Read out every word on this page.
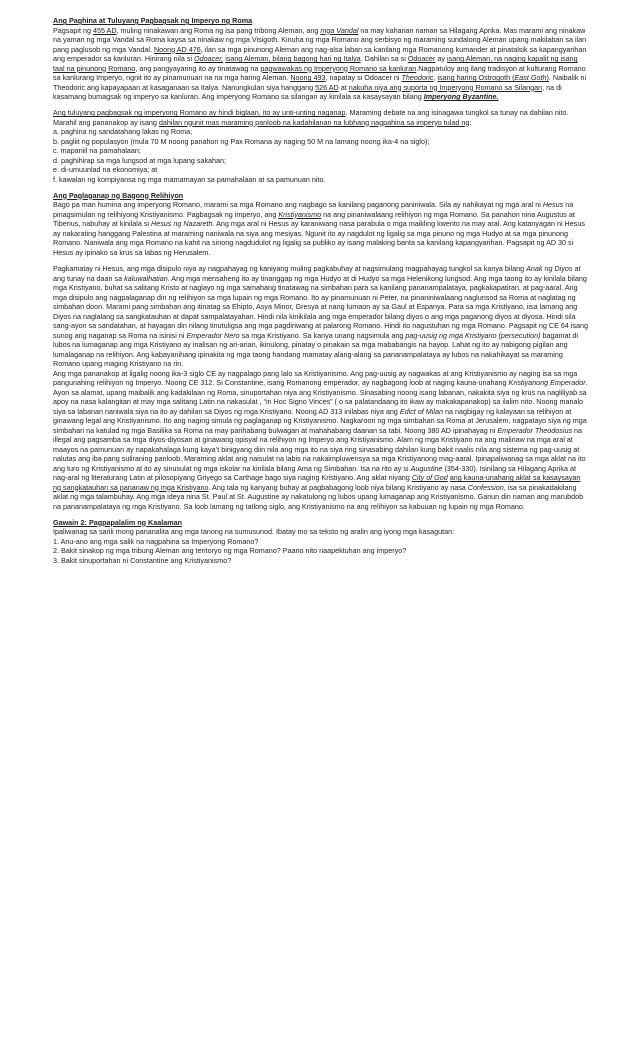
Ang Paghina at Tuluyang Pagbagsak ng Imperyo ng Roma

Pagsapit ng 455 AD, muling ninakawan ang Roma ng isa pang tribong Aleman, ang mga Vandal na may kaharian naman sa Hilagang Aprika. Mas marami ang ninakaw na yaman ng mga Vandal sa Roma kaysa sa ninakaw ng mga Visigoth. Kinuha ng mga Romano ang serbisyo ng maraming sundalong Aleman upang makilaban sa ilan pang paglusob ng mga Vandal. Noong AD 476, ilan sa mga pinunong Aleman ang nag-alsa laban sa kanilang mga Romanong kumander at pinatalsik sa kapangyarihan ang emperador sa kanluran. Hinirang nila si Odoacer, isang Aleman, bilang bagong hari ng Italya. Dahilan sa si Odoacer ay isang Aleman, na naging kapalit ng isang taal na pinunong Romano, ang pangyayaring ito ay tinatawag na pagwawakas ng Imperyong Romano sa kanluran.Nagpatuloy ang ilang tradisyon at kulturang Romano sa kanlurang Imperyo, ngnit ito ay pinamunuan na na mga haring Aleman. Noong 493, napatay si Odoacer ni Theodoric, isang haring Ostrogoth (East Goth). Naibalik ni Theodoric ang kapayapaan at kasaganaan sa Italya. Nanungkulan siya hanggang 526 AD at nakuha niya ang suporta ng Imperyong Romano sa Silangan, na di kasamang bumagsak ng imperyo sa kanluran. Ang imperyong Romano sa silangan ay kinilala sa kasaysayan bilang Imperyong Byzantine.

Ang tuluyang pagbagsak ng imperyong Romano ay hindi biglaan, ito ay unti-unting naganap. Maraming debate na ang isinagawa tungkol sa tunay na dahilan nito. Marahil ang pananakop ay isang dahilan ngunit mas maraming panloob na kadahilanan na lubhang nagpahina sa imperyo tulad ng:

a. paghina ng sandatahang lakas ng Roma;
b. pagliit ng populasyon (mula 70 M noong panahon ng Pax Romana ay naging 50 M na lamang noong ika-4 na siglo);
c. mapaniil na pamahalaan;
d. paghihirap sa mga lungsod at mga lupang sakahan;
e. di-umuunlad na ekonomiya; at
f. kawalan ng kompiyansa ng mga mamamayan sa pamahalaan at sa pamunuan nito.
Ang Paglaganap ng Bagong Relihiyon

Bago pa man humina ang imperyong Romano, marami sa mga Romano ang nagbago sa kanilang paganong paniniwala. Sila ay nahikayat ng mga aral ni Hesus na pinagsimulan ng relihiyong Kristiyanismo. Pagbagsak ng imperyo, ang Kristiyanismo na ang pinaniwalaang relihiyon ng mga Romano. Sa panahon nina Augustus at Tiberius, nabuhay at kinilala si Hesus ng Nazareth. Ang mga aral ni Hesus ay karaniwang nasa parabula o mga maikling kwento na may aral. Ang katanyagan ni Hesus ay nakarating hanggang Palestina at maraming naniwala na siya ang mesiyas. Ngunit ito ay nagdulot ng ligalig sa mga pinuno ng mga Hudyo at sa mga pinunong Romano. Naniwala ang mga Romano na kahit na sinong nagdudulot ng ligalig sa publiko ay isang malaking banta sa kanilang kapangyarihan. Pagsapit ng AD 30 si Hesus ay ipinako sa krus sa labas ng Herusalem.

Pagkamatay ni Hesus, ang mga disipulo niya ay nagpahayag ng kaniyang muling pagkabuhay at nagsimulang magpahayag tungkol sa kanya bilang Anak ng Diyos at ang tunay na daan sa kaluwalhatian. Ang mga mensaheng ito ay tinanggap ng mga Hudyo at di Hudyo sa mga Helenikong lungsod. Ang mga taong ito ay kinilala bilang mga Kristiyano, buhat sa salitang Kristo at naglayo ng mga samahang tinatawag na simbahan para sa kanilang pananampalataya, pagkakapatiran, at pag-aaral. Ang mga disipulo ang nagpalaganap din ng relihiyon sa mga lupain ng mga Romano. Ito ay pinamunuan ni Peter, na pinaniniwalaang naglunsod sa Roma at naglatag ng simbahan doon. Marami pang simbahan ang itinatag sa Ehipto, Asya Minor, Gresya at nang lumaon ay sa Gaul at Espanya. Para sa mga Kristiyano, iisa lamang ang Diyos na naglalang sa sangkatauhan at dapat sampalatayahan. Hindi nila kinikilala ang mga emperador bilang diyos o ang mga paganong diyos at diyosa. Hindi sila sang-ayon sa sandatahan, at hayagan din nilang tinutuligsa ang mga pagdiriwang at palarong Romano. Hindi ito nagustuhan ng mga Romano. Pagsapit ng CE 64 isang sunog ang naganap sa Roma na isinisi ni Emperador Nero sa mga Kristiyano. Sa kanya unang nagsimula ang pag-uusig ng mga Kristiyano (persecution) bagamat di lubos na lumaganap ang mga Kristiyano ay inalisan ng ari-arian, ikinulong, pinatay o pinakain sa mga mababangis na hayop. Lahat ng ito ay nabigong pigilan ang lumalaganap na relihiyon. Ang kabayanihang ipinakita ng mga taong handang mamatay alang-alang sa pananampalataya ay lubos na nakahikayat sa maraming Romano upang maging Kristiyano na rin.

Ang mga pananakop at ligalig noong ika-3 siglo CE ay nagpalago pang lalo sa Kristiyanismo. Ang pag-uusig ay nagwakas at ang Kristiyanismo ay naging isa sa mga pangunahing relihiyon ng Imperyo. Noong CE 312. Si Constantine, isang Romanong emperador, ay nagbagong loob at naging kauna-unahang Kristiyanong Emperador. Ayon sa alamat, upang maibalik ang kadakilaan ng Roma, sinuportahan niya ang Kristiyanismo. Sinasabing noong isang labanan, nakakita siya ng krus na nagliliyab sa apoy na nasa kalangitan at may mga salitang Latin na nakasulat , “in Hoc Signo Vinces” ( o sa palatandaang ito ikaw ay makakapanakop) sa ilalim nito. Noong manalo siya sa labanan naniwala siya na ito ay dahilan sa Diyos ng mga Kristiyano. Noong AD 313 inilabas niya ang Edict of Milan na nagbigay ng kalayaan sa relihiyon at ginawang legal ang Kristiyanismo. Ito ang naging simula ng paglaganap ng Kristiyanismo. Nagkaroon ng mga simbahan sa Roma at Jerusalem, nagpatayo siya ng mga simbahan na katulad ng mga Basilika sa Roma na may parihabang bulwagan at mahahabang daanan sa tabi. Noong 380 AD ipinahayag ni Emperador Theodosius na illegal ang pagsamba sa mga diyos-diyosan at ginawang opisyal na relihiyon ng Imperyo ang Kristiyanismo. Alam ng mga Kristiyano na ang malinaw na mga aral at maayos na pamunuan ay napakahalaga kung kaya’t binigyang diin nila ang mga ito na siya ring sinasabing dahilan kung bakit naalis nila ang sistema ng pag-uusig at nalutas ang iba pang suliraning panloob. Maraming aklat ang naisulat na labis na nakaimpluwensya sa mga Kristiyanong mag-aaral. Ipinapaliwanag sa mga aklat na ito ang turo ng Kristiyanismo at ito ay sinusulat ng mga iskolar na kinilala bilang Ama ng Simbahan. Isa na rito ay si Augustine (354-330). Isinilang sa Hilagang Aprika at nag-aral ng literaturang Latin at pilosopiyang Griyego sa Carthage bago siya naging Kristiyano. Ang aklat niyang City of God ang kauna-unahang aklat sa kasaysayan ng sangkatauhan sa pananaw ng mga Kristiyano. Ang tala ng kanyang buhay at pagbabagong loob niya bilang Kristiyano ay nasa Confession, isa sa pinakadakilang aklat ng mga talambuhay. Ang mga ideya nina St. Paul at St. Augustine ay nakatulong ng lubos upang lumaganap ang Kristiyanismo. Ganun din naman ang marubdob na pananampalataya ng mga Kristiyano. Sa loob lamang ng tatlong siglo, ang Kristiyanismo na ang relihiyon sa kabuuan ng lupain ng mga Romano.

Gawain 2: Pagpapalalim ng Kaalaman

Ipaliwanag sa sarili mong pananalita ang mga tanong na sumusunod. Ibatay mo sa teksto ng aralin ang iyong mga kasagutan:

1. Anu-ano ang mga salik na nagpahina sa Imperyong Romano?
2. Bakit sinakop ng mga tribung Aleman ang teritoryo ng mga Romano? Paano nito naapektuhan ang imperyo?
3. Bakit sinuportahan ni Constantine ang Kristiyanismo?
